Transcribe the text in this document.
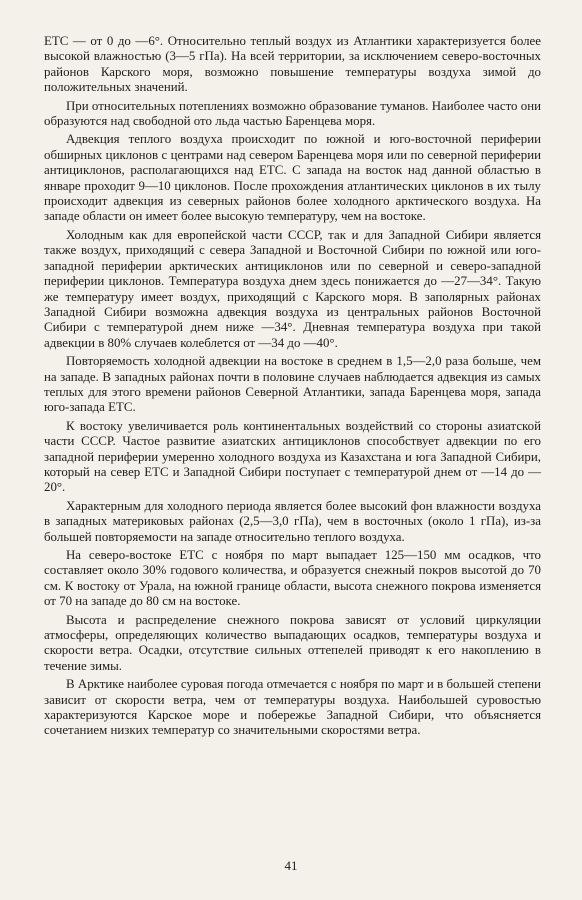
ЕТС — от 0 до —6°. Относительно теплый воздух из Атлантики характеризуется более высокой влажностью (3—5 гПа). На всей территории, за исключением северо-восточных районов Карского моря, возможно повышение температуры воздуха зимой до положительных значений.

При относительных потеплениях возможно образование туманов. Наиболее часто они образуются над свободной ото льда частью Баренцева моря.

Адвекция теплого воздуха происходит по южной и юго-восточной периферии обширных циклонов с центрами над севером Баренцева моря или по северной периферии антициклонов, располагающихся над ЕТС. С запада на восток над данной областью в январе проходит 9—10 циклонов. После прохождения атлантических циклонов в их тылу происходит адвекция из северных районов более холодного арктического воздуха. На западе области он имеет более высокую температуру, чем на востоке.

Холодным как для европейской части СССР, так и для Западной Сибири является также воздух, приходящий с севера Западной и Восточной Сибири по южной или юго-западной периферии арктических антициклонов или по северной и северо-западной периферии циклонов. Температура воздуха днем здесь понижается до —27—34°. Такую же температуру имеет воздух, приходящий с Карского моря. В заполярных районах Западной Сибири возможна адвекция воздуха из центральных районов Восточной Сибири с температурой днем ниже —34°. Дневная температура воздуха при такой адвекции в 80% случаев колеблется от —34 до —40°.

Повторяемость холодной адвекции на востоке в среднем в 1,5—2,0 раза больше, чем на западе. В западных районах почти в половине случаев наблюдается адвекция из самых теплых для этого времени районов Северной Атлантики, запада Баренцева моря, запада юго-запада ЕТС.

К востоку увеличивается роль континентальных воздействий со стороны азиатской части СССР. Частое развитие азиатских антициклонов способствует адвекции по его западной периферии умеренно холодного воздуха из Казахстана и юга Западной Сибири, который на север ЕТС и Западной Сибири поступает с температурой днем от —14 до —20°.

Характерным для холодного периода является более высокий фон влажности воздуха в западных материковых районах (2,5—3,0 гПа), чем в восточных (около 1 гПа), из-за большей повторяемости на западе относительно теплого воздуха.

На северо-востоке ЕТС с ноября по март выпадает 125—150 мм осадков, что составляет около 30% годового количества, и образуется снежный покров высотой до 70 см. К востоку от Урала, на южной границе области, высота снежного покрова изменяется от 70 на западе до 80 см на востоке.

Высота и распределение снежного покрова зависят от условий циркуляции атмосферы, определяющих количество выпадающих осадков, температуры воздуха и скорости ветра. Осадки, отсутствие сильных оттепелей приводят к его накоплению в течение зимы.

В Арктике наиболее суровая погода отмечается с ноября по март и в большей степени зависит от скорости ветра, чем от температуры воздуха. Наибольшей суровостью характеризуются Карское море и побережье Западной Сибири, что объясняется сочетанием низких температур со значительными скоростями ветра.

41
